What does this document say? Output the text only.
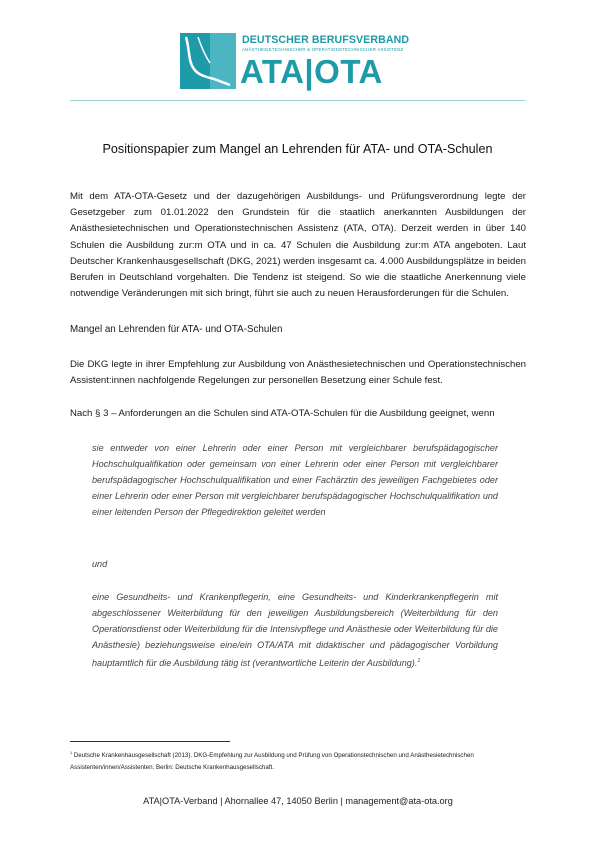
DEUTSCHER BERUFSVERBAND
ANÄSTHESIETECHNISCHER & OPERATIONSTECHNISCHER ASSISTENZ
ATA|OTA
Positionspapier zum Mangel an Lehrenden für ATA- und OTA-Schulen

Mit dem ATA-OTA-Gesetz und der dazugehörigen Ausbildungs- und Prüfungsverordnung legte der Gesetzgeber zum 01.01.2022 den Grundstein für die staatlich anerkannten Ausbildungen der Anästhesietechnischen und Operationstechnischen Assistenz (ATA, OTA). Derzeit werden in über 140 Schulen die Ausbildung zur:m OTA und in ca. 47 Schulen die Ausbildung zur:m ATA angeboten. Laut Deutscher Krankenhausgesellschaft (DKG, 2021) werden insgesamt ca. 4.000 Ausbildungsplätze in beiden Berufen in Deutschland vorgehalten. Die Tendenz ist steigend. So wie die staatliche Anerkennung viele notwendige Veränderungen mit sich bringt, führt sie auch zu neuen Herausforderungen für die Schulen.

Mangel an Lehrenden für ATA- und OTA-Schulen

Die DKG legte in ihrer Empfehlung zur Ausbildung von Anästhesietechnischen und Operationstechnischen Assistent:innen nachfolgende Regelungen zur personellen Besetzung einer Schule fest.

Nach § 3 – Anforderungen an die Schulen sind ATA-OTA-Schulen für die Ausbildung geeignet, wenn

sie entweder von einer Lehrerin oder einer Person mit vergleichbarer berufspädagogischer Hochschulqualifikation oder gemeinsam von einer Lehrerin oder einer Person mit vergleichbarer berufspädagogischer Hochschulqualifikation und einer Fachärztin des jeweiligen Fachgebietes oder einer Lehrerin oder einer Person mit vergleichbarer berufspädagogischer Hochschulqualifikation und einer leitenden Person der Pflegedirektion geleitet werden

und

eine Gesundheits- und Krankenpflegerin, eine Gesundheits- und Kinderkrankenpflegerin mit abgeschlossener Weiterbildung für den jeweiligen Ausbildungsbereich (Weiterbildung für den Operationsdienst oder Weiterbildung für die Intensivpflege und Anästhesie oder Weiterbildung für die Anästhesie) beziehungsweise eine/ein OTA/ATA mit didaktischer und pädagogischer Vorbildung hauptamtlich für die Ausbildung tätig ist (verantwortliche Leiterin der Ausbildung).$^1$

$^1$ Deutsche Krankenhausgesellschaft (2013). DKG-Empfehlung zur Ausbildung und Prüfung von Operationstechnischen und Anästhesietechnischen Assistenten/innen/Assistenten. Berlin: Deutsche Krankenhausgesellschaft.

ATA|OTA-Verband | Ahornallee 47, 14050 Berlin | management@ata-ota.org
